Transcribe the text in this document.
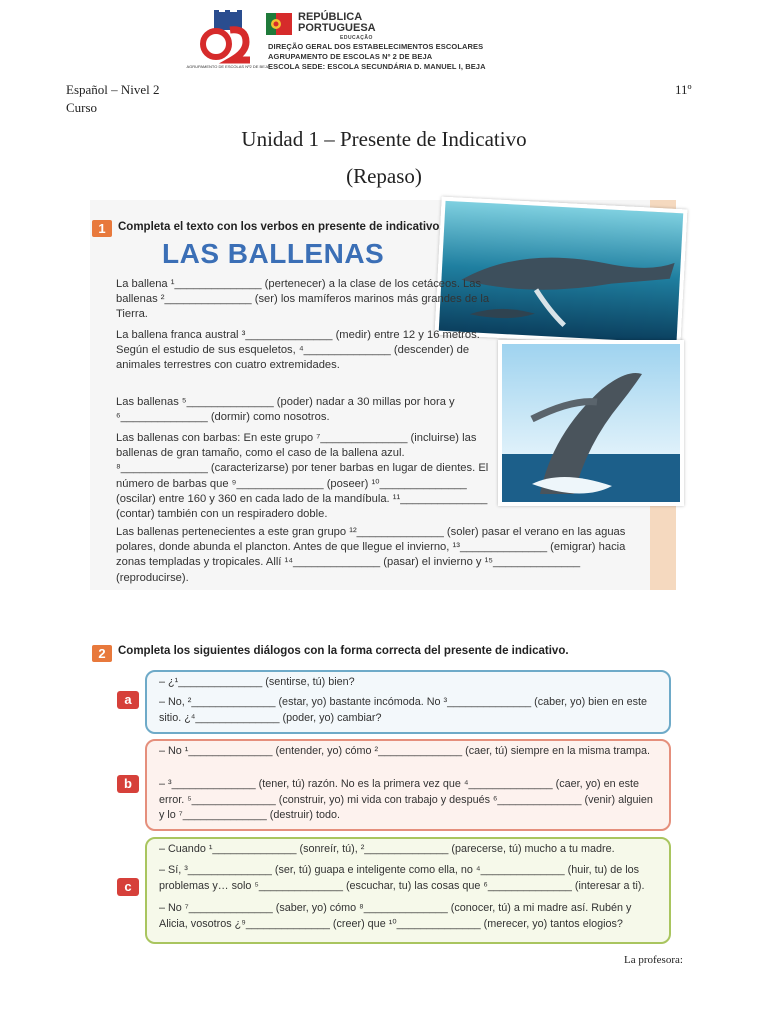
AGRUPAMENTO DE ESCOLAS Nº2 DE BEJA
REPÚBLICA
PORTUGUESA
EDUCAÇÃO
DIREÇÃO GERAL DOS ESTABELECIMENTOS ESCOLARES
AGRUPAMENTO DE ESCOLAS Nº 2 DE BEJA
ESCOLA SEDE: ESCOLA SECUNDÁRIA D. MANUEL I, BEJA
Español – Nivel 2
Curso
11º
Unidad 1 – Presente de Indicativo
(Repaso)
1	Completa el texto con los verbos en presente de indicativo.
LAS BALLENAS
La ballena ¹______________ (pertenecer) a la clase de los cetáceos. Las ballenas ²______________ (ser) los mamíferos marinos más grandes de la Tierra.
La ballena franca austral ³______________ (medir) entre 12 y 16 metros. Según el estudio de sus esqueletos, ⁴______________ (descender) de animales terrestres con cuatro extremidades.
Las ballenas ⁵______________ (poder) nadar a 30 millas por hora y ⁶______________ (dormir) como nosotros.
Las ballenas con barbas: En este grupo ⁷______________ (incluirse) las ballenas de gran tamaño, como el caso de la ballena azul. ⁸______________ (caracterizarse) por tener barbas en lugar de dientes. El número de barbas que ⁹______________ (poseer) ¹⁰______________ (oscilar) entre 160 y 360 en cada lado de la mandíbula. ¹¹______________ (contar) también con un respiradero doble.
Las ballenas pertenecientes a este gran grupo ¹²______________ (soler) pasar el verano en las aguas polares, donde abunda el plancton. Antes de que llegue el invierno, ¹³______________ (emigrar) hacia zonas templadas y tropicales. Allí ¹⁴______________ (pasar) el invierno y ¹⁵______________ (reproducirse).
2	Completa los siguientes diálogos con la forma correcta del presente de indicativo.
a
– ¿¹______________ (sentirse, tú) bien?
– No, ²______________ (estar, yo) bastante incómoda. No ³______________ (caber, yo) bien en este sitio. ¿⁴______________ (poder, yo) cambiar?
b
– No ¹______________ (entender, yo) cómo ²______________ (caer, tú) siempre en la misma trampa.
– ³______________ (tener, tú) razón. No es la primera vez que ⁴______________ (caer, yo) en este error. ⁵______________ (construir, yo) mi vida con trabajo y después ⁶______________ (venir) alguien y lo ⁷______________ (destruir) todo.
c
– Cuando ¹______________ (sonreír, tú), ²______________ (parecerse, tú) mucho a tu madre.
– Sí, ³______________ (ser, tú) guapa e inteligente como ella, no ⁴______________ (huir, tu) de los problemas y… solo ⁵______________ (escuchar, tu) las cosas que ⁶______________ (interesar a ti).
– No ⁷______________ (saber, yo) cómo ⁸______________ (conocer, tú) a mi madre así. Rubén y Alicia, vosotros ¿⁹______________ (creer) que ¹⁰______________ (merecer, yo) tantos elogios?
La profesora:
